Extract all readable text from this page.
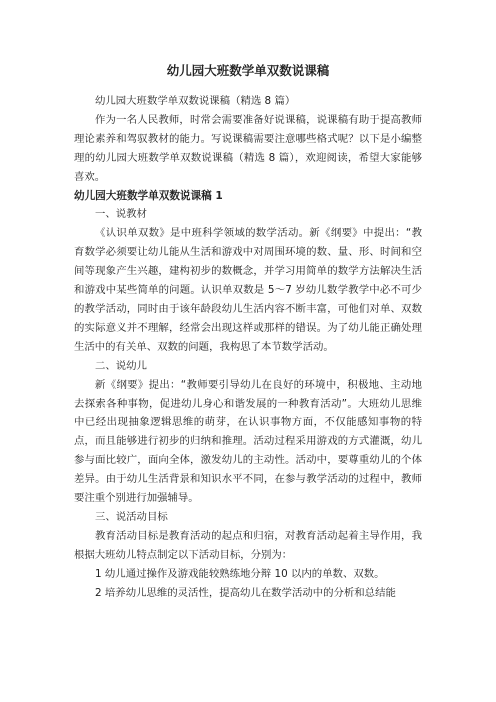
幼儿园大班数学单双数说课稿

幼儿园大班数学单双数说课稿（精选 8 篇）

作为一名人民教师，时常会需要准备好说课稿，说课稿有助于提高教师理论素养和驾驭教材的能力。写说课稿需要注意哪些格式呢？以下是小编整理的幼儿园大班数学单双数说课稿（精选 8 篇），欢迎阅读，希望大家能够喜欢。

幼儿园大班数学单双数说课稿 1

一、说教材

《认识单双数》是中班科学领域的数学活动。新《纲要》中提出：“教育数学必须要让幼儿能从生活和游戏中对周围环境的数、量、形、时间和空间等现象产生兴趣，建构初步的数概念，并学习用简单的数学方法解决生活和游戏中某些简单的问题。认识单双数是 5～7 岁幼儿数学教学中必不可少的教学活动，同时由于该年龄段幼儿生活内容不断丰富，可他们对单、双数的实际意义并不理解，经常会出现这样或那样的错误。为了幼儿能正确处理生活中的有关单、双数的问题，我构思了本节数学活动。

二、说幼儿

新《纲要》提出：“教师要引导幼儿在良好的环境中，积极地、主动地去探索各种事物，促进幼儿身心和谐发展的一种教育活动”。大班幼儿思维中已经出现抽象逻辑思维的萌芽，在认识事物方面，不仅能感知事物的特点，而且能够进行初步的归纳和推理。活动过程采用游戏的方式灌溉，幼儿参与面比较广，面向全体，激发幼儿的主动性。活动中，要尊重幼儿的个体差异。由于幼儿生活背景和知识水平不同，在参与教学活动的过程中，教师要注重个别进行加强辅导。

三、说活动目标

教育活动目标是教育活动的起点和归宿，对教育活动起着主导作用，我根据大班幼儿特点制定以下活动目标，分别为：

1 幼儿通过操作及游戏能较熟练地分辩 10 以内的单数、双数。

2 培养幼儿思维的灵活性，提高幼儿在数学活动中的分析和总结能
